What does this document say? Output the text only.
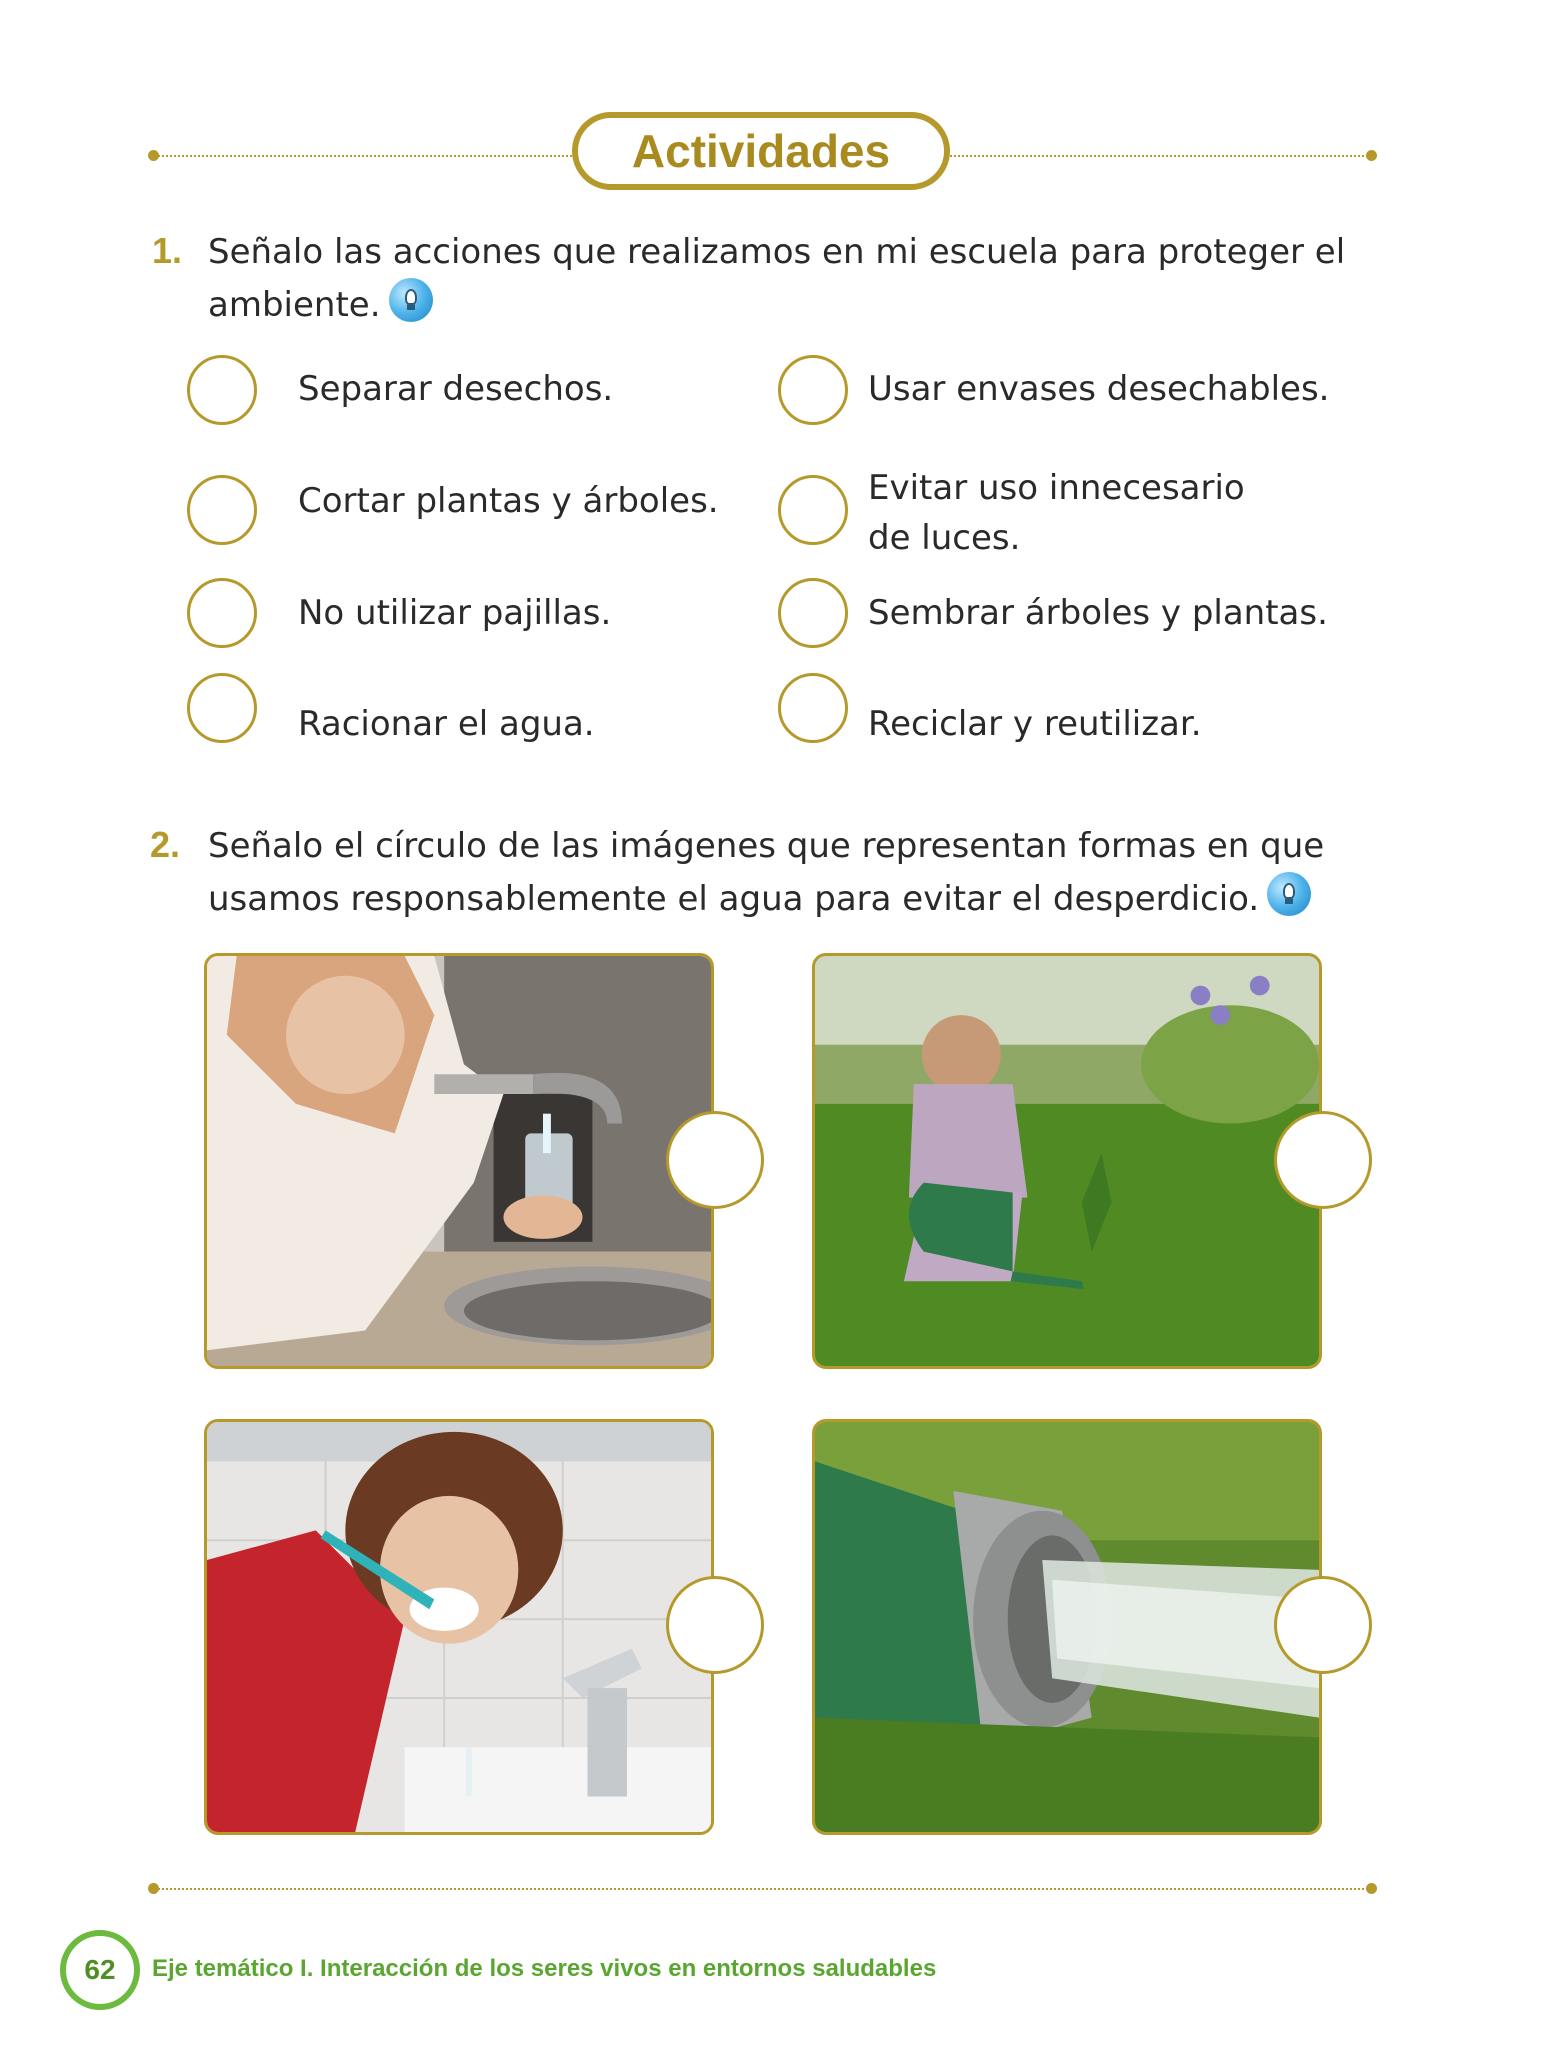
Actividades
1. Señalo las acciones que realizamos en mi escuela para proteger el
ambiente.
Separar desechos.
Cortar plantas y árboles.
No utilizar pajillas.
Racionar el agua.
Usar envases desechables.
Evitar uso innecesario
de luces.
Sembrar árboles y plantas.
Reciclar y reutilizar.
2. Señalo el círculo de las imágenes que representan formas en que
usamos responsablemente el agua para evitar el desperdicio.
62	Eje temático I. Interacción de los seres vivos en entornos saludables
